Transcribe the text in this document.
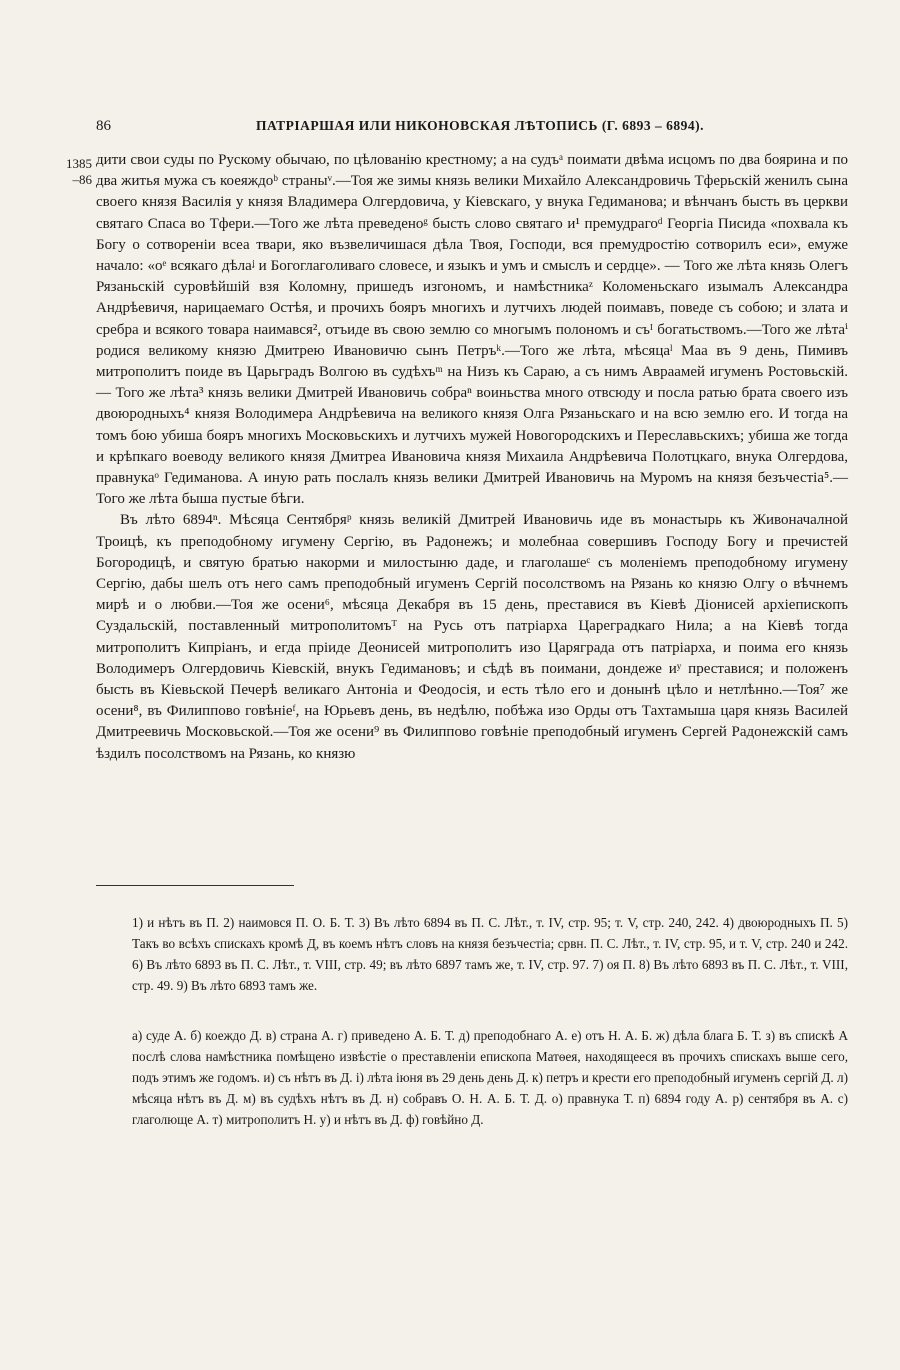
86	ПАТРІАРШАЯ ИЛИ НИКОНОВСКАЯ ЛѢТОПИСЬ (Г. 6893 – 6894).
1385
–86

дити свои суды по Рускому обычаю, по цѣлованію крестному; а на судъᵃ поимати двѣма исцомъ по два боярина и по два житья мужа съ коеяждоᵇ страныᵛ.––Тоя же зимы князь велики Михайло Александровичь Тферьскій женилъ сына своего князя Василія у князя Владимера Олгердовича, у Кіевскаго, у внука Гедиманова; и вѣнчанъ бысть въ церкви святаго Спаса во Тфери.—Того же лѣта преведеноᵍ бысть слово святаго и¹ премудрагоᵈ Георгіа Писида «похвала къ Богу о сотвореніи всеа твари, яко възвеличишася дѣла Твоя, Господи, вся премудростію сотворилъ еси», емуже начало: «оᵉ всякаго дѣлаᶨ и Богоглаголиваго словесе, и языкъ и умъ и смыслъ и сердце». — Того же лѣта князь Олегъ Рязаньскій суровѣйшій взя Коломну, пришедъ изгономъ, и намѣстникаᶻ Коломеньскаго изымалъ Александра Андрѣевичя, нарицаемаго Остѣя, и прочихъ бояръ многихъ и лутчихъ людей поимавъ, поведе съ собою; и злата и сребра и всякого товара наимався², отъиде въ свою землю со многымъ полономъ и съᴵ богатьствомъ.—Того же лѣтаⁱ родися великому князю Дмитрею Ивановичю сынъ Петръᵏ.—Того же лѣта, мѣсяцаˡ Маа въ 9 день, Пимивъ митрополитъ поиде въ Царьградъ Волгою въ судѣхъᵐ на Низъ къ Сараю, а съ нимъ Авраамей игуменъ Ростовьскій. — Того же лѣта³ князь велики Дмитрей Ивановичь собраⁿ воиньства много отвсюду и посла ратью брата своего изъ двоюродныхъ⁴ князя Володимера Андрѣевича на великого князя Олга Рязаньскаго и на всю землю его. И тогда на томъ бою убиша бояръ многихъ Московьскихъ и лутчихъ мужей Новогородскихъ и Переславьскихъ; убиша же тогда и крѣпкаго воеводу великого князя Дмитреа Ивановича князя Михаила Андрѣевича Полотцкаго, внука Олгердова, правнукаᵒ Гедиманова. А иную рать послалъ князь велики Дмитрей Ивановичь на Муромъ на князя безъчестіа⁵.—Того же лѣта быша пустые бѣги.

Въ лѣто 6894ⁿ. Мѣсяца Сентябряᵖ князь великій Дмитрей Ивановичь иде въ монастырь къ Живоначалной Троицѣ, къ преподобному игумену Сергію, въ Радонежъ; и молебнаа совершивъ Господу Богу и пречистей Богородицѣ, и святую братью накорми и милостыню даде, и глаголашеᶜ съ моленіемъ преподобному игумену Сергію, дабы шелъ отъ него самъ преподобный игуменъ Сергій посолствомъ на Рязань ко князю Олгу о вѣчнемъ мирѣ и о любви.––Тоя же осени⁶, мѣсяца Декабря въ 15 день, преставися въ Кіевѣ Діонисей архіепископъ Суздальскій, поставленный митрополитомъᵀ на Русь отъ патріарха Цареградкаго Нила; а на Кіевѣ тогда митрополитъ Кипріанъ, и егда пріиде Деонисей митрополитъ изо Царяграда отъ патріарха, и поима его князь Володимеръ Олгердовичь Кіевскій, внукъ Гедимановъ; и сѣдѣ въ поимани, дондеже иʸ преставися; и положенъ бысть въ Кіевьской Печерѣ великаго Антоніа и Феодосія, и есть тѣло его и донынѣ цѣло и нетлѣнно.—Тоя⁷ же осени⁸, въ Филиппово говѣніеᶠ, на Юрьевъ день, въ недѣлю, побѣжа изо Орды отъ Тахтамыша царя князь Василей Дмитреевичь Московьской.—Тоя же осени⁹ въ Филиппово говѣніе преподобный игуменъ Сергей Радонежскій самъ ѣздилъ посолствомъ на Рязань, ко князю

1) и нѣтъ въ П. 2) наимовся П. О. Б. Т. 3) Въ лѣто 6894 въ П. С. Лѣт., т. IV, стр. 95; т. V, стр. 240, 242. 4) двоюродныхъ П. 5) Такъ во всѣхъ спискахъ кромѣ Д, въ коемъ нѣтъ словъ на князя безъчестіа; срвн. П. С. Лѣт., т. IV, стр. 95, и т. V, стр. 240 и 242. 6) Въ лѣто 6893 въ П. С. Лѣт., т. VIII, стр. 49; въ лѣто 6897 тамъ же, т. IV, стр. 97. 7) оя П. 8) Въ лѣто 6893 въ П. С. Лѣт., т. VIII, стр. 49. 9) Въ лѣто 6893 тамъ же.

а) суде А. б) коеждо Д. в) страна А. г) приведено А. Б. Т. д) преподобнаго А. е) отъ Н. А. Б. ж) дѣла блага Б. Т. з) въ спискѣ А послѣ слова намѣстника помѣщено извѣстіе о преставленіи епископа Матѳея, находящееся въ прочихъ спискахъ выше сего, подъ этимъ же годомъ. и) съ нѣтъ въ Д. і) лѣта іюня въ 29 день день Д. к) петръ и крести его преподобный игуменъ сергій Д. л) мѣсяца нѣтъ въ Д. м) въ судѣхъ нѣтъ въ Д. н) собравъ О. Н. А. Б. Т. Д. о) правнука Т. п) 6894 году А. р) сентября въ А. с) глаголюще А. т) митрополитъ Н. у) и нѣтъ въ Д. ф) говѣйно Д.
